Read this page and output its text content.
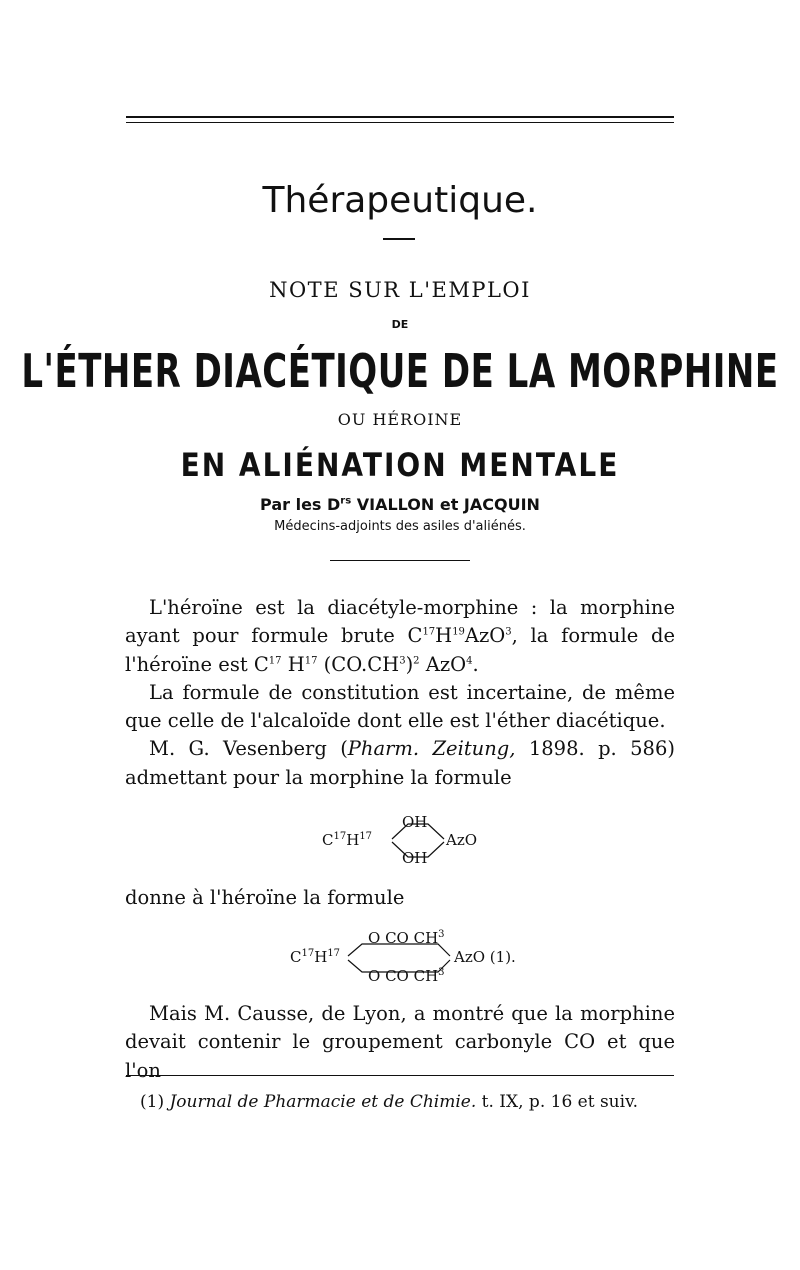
Thérapeutique.
NOTE SUR L'EMPLOI
DE
L'ÉTHER DIACÉTIQUE DE LA MORPHINE
OU HÉROINE
EN ALIÉNATION MENTALE
Par les $D^{rs}$ VIALLON et JACQUIN
Médecins-adjoints des asiles d'aliénés.

L'héroïne est la diacétyle-morphine : la morphine ayant pour formule brute $C^{17}H^{19}AzO^3$, la formule de l'héroïne est $C^{17}$ $H^{17}$ $(CO.CH^3)^2$ AzO$^4$.

La formule de constitution est incertaine, de même que celle de l'alcaloïde dont elle est l'éther diacétique.

M. G. Vesenberg (Pharm. Zeitung, 1898. p. 586) admettant pour la morphine la formule

$C^{17}H^{17}$
OH
OH
AzO

donne à l'héroïne la formule

$C^{17}H^{17}$
O CO $CH^3$
O CO $CH^3$
AzO (1).

Mais M. Causse, de Lyon, a montré que la morphine devait contenir le groupement carbonyle CO et que l'on

(1) Journal de Pharmacie et de Chimie. t. IX, p. 16 et suiv.
